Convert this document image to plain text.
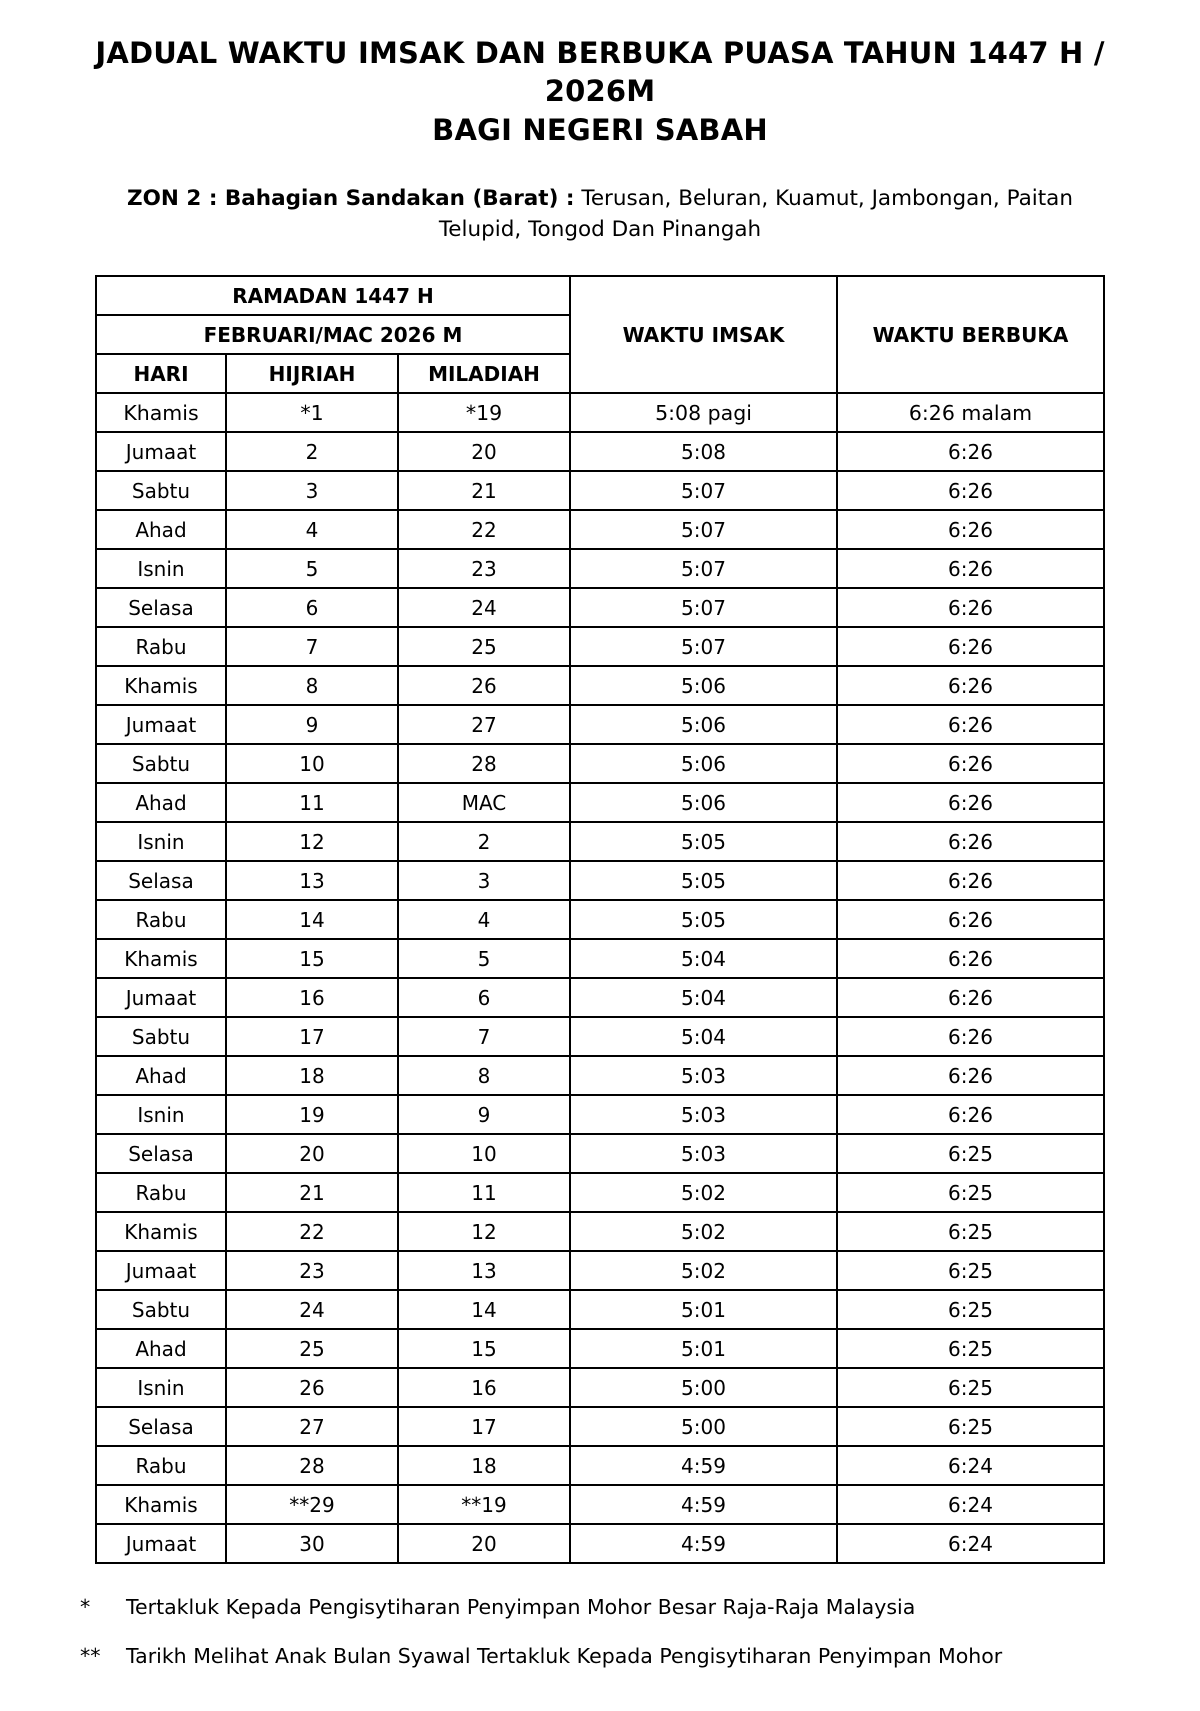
JADUAL WAKTU IMSAK DAN BERBUKA PUASA TAHUN 1447 H / 2026M
BAGI NEGERI SABAH
ZON 2 : Bahagian Sandakan (Barat) : Terusan, Beluran, Kuamut, Jambongan, Paitan
Telupid, Tongod Dan Pinangah
RAMADAN 1447 H			WAKTU IMSAK	WAKTU BERBUKA
FEBRUARI/MAC 2026 M				
HARI	HIJRIAH	MILADIAH		
Khamis	*1	*19	5:08 pagi	6:26 malam
Jumaat	2	20	5:08	6:26
Sabtu	3	21	5:07	6:26
Ahad	4	22	5:07	6:26
Isnin	5	23	5:07	6:26
Selasa	6	24	5:07	6:26
Rabu	7	25	5:07	6:26
Khamis	8	26	5:06	6:26
Jumaat	9	27	5:06	6:26
Sabtu	10	28	5:06	6:26
Ahad	11	MAC	5:06	6:26
Isnin	12	2	5:05	6:26
Selasa	13	3	5:05	6:26
Rabu	14	4	5:05	6:26
Khamis	15	5	5:04	6:26
Jumaat	16	6	5:04	6:26
Sabtu	17	7	5:04	6:26
Ahad	18	8	5:03	6:26
Isnin	19	9	5:03	6:26
Selasa	20	10	5:03	6:25
Rabu	21	11	5:02	6:25
Khamis	22	12	5:02	6:25
Jumaat	23	13	5:02	6:25
Sabtu	24	14	5:01	6:25
Ahad	25	15	5:01	6:25
Isnin	26	16	5:00	6:25
Selasa	27	17	5:00	6:25
Rabu	28	18	4:59	6:24
Khamis	**29	**19	4:59	6:24
Jumaat	30	20	4:59	6:24
*	Tertakluk Kepada Pengisytiharan Penyimpan Mohor Besar Raja-Raja Malaysia
**	Tarikh Melihat Anak Bulan Syawal Tertakluk Kepada Pengisytiharan Penyimpan Mohor
